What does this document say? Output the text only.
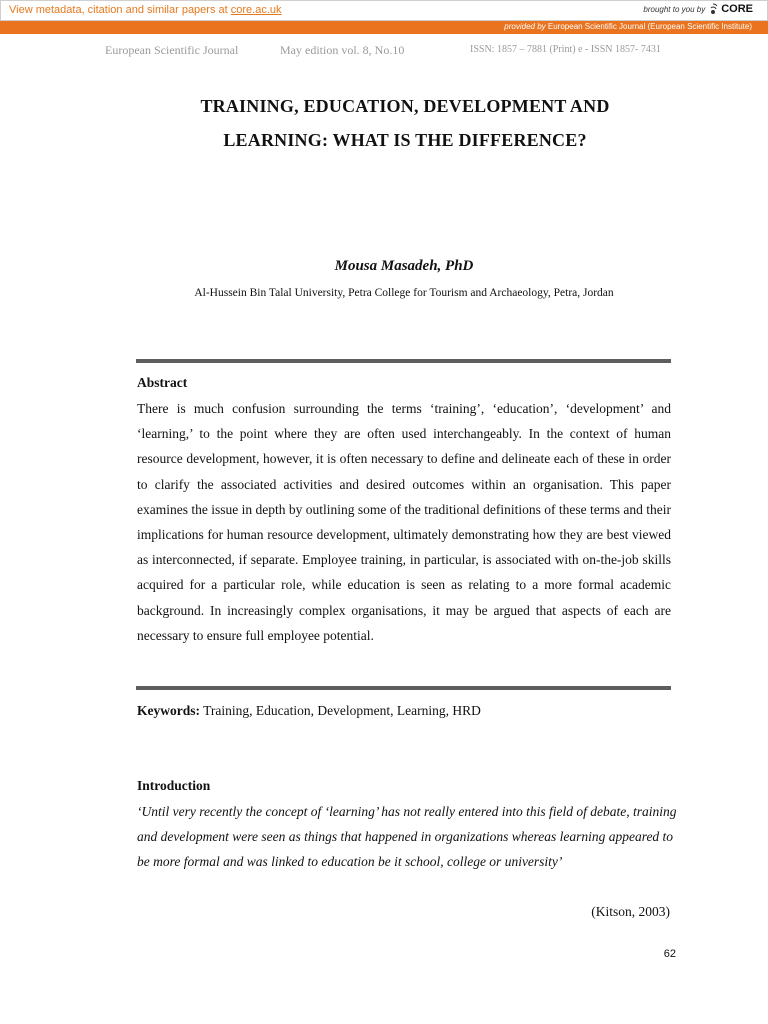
View metadata, citation and similar papers at core.ac.uk	brought to you by CORE
provided by European Scientific Journal (European Scientific Institute)
European Scientific Journal	May edition vol. 8, No.10	ISSN: 1857 – 7881 (Print) e - ISSN 1857- 7431
TRAINING, EDUCATION, DEVELOPMENT AND
LEARNING: WHAT IS THE DIFFERENCE?
Mousa Masadeh, PhD
Al-Hussein Bin Talal University, Petra College for Tourism and Archaeology, Petra, Jordan
Abstract
There is much confusion surrounding the terms ‘training’, ‘education’, ‘development’ and ‘learning,’ to the point where they are often used interchangeably. In the context of human resource development, however, it is often necessary to define and delineate each of these in order to clarify the associated activities and desired outcomes within an organisation. This paper examines the issue in depth by outlining some of the traditional definitions of these terms and their implications for human resource development, ultimately demonstrating how they are best viewed as interconnected, if separate. Employee training, in particular, is associated with on-the-job skills acquired for a particular role, while education is seen as relating to a more formal academic background. In increasingly complex organisations, it may be argued that aspects of each are necessary to ensure full employee potential.
Keywords: Training, Education, Development, Learning, HRD
Introduction
‘Until very recently the concept of ‘learning’ has not really entered into this field of debate, training and development were seen as things that happened in organizations whereas learning appeared to be more formal and was linked to education be it school, college or university’
(Kitson, 2003)
62
